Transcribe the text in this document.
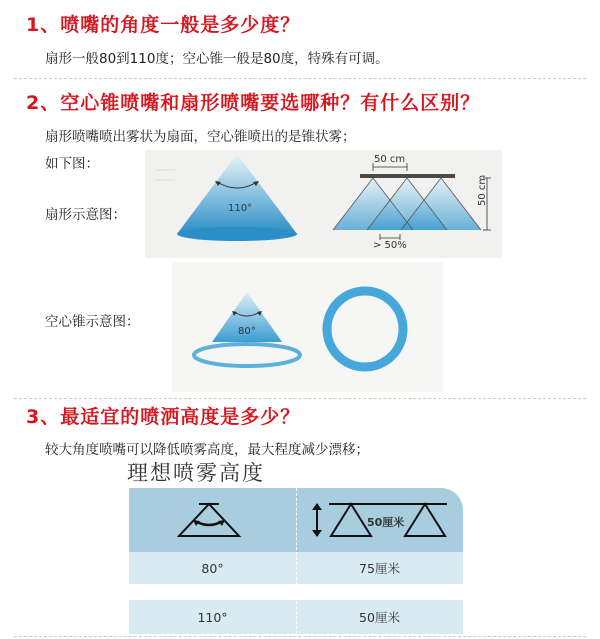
1、喷嘴的角度一般是多少度？
扇形一般80到110度；空心锥一般是80度，特殊有可调。
2、空心锥喷嘴和扇形喷嘴要选哪种？有什么区别？
扇形喷嘴喷出雾状为扇面，空心锥喷出的是锥状雾；
如下图：
扇形示意图：
空心锥示意图：
110°
50 cm
50 cm
> 50%
80°
3、最适宜的喷洒高度是多少？
较大角度喷嘴可以降低喷雾高度，最大程度减少漂移；
理想喷雾高度
50厘米
80°	75厘米
110°	50厘米
